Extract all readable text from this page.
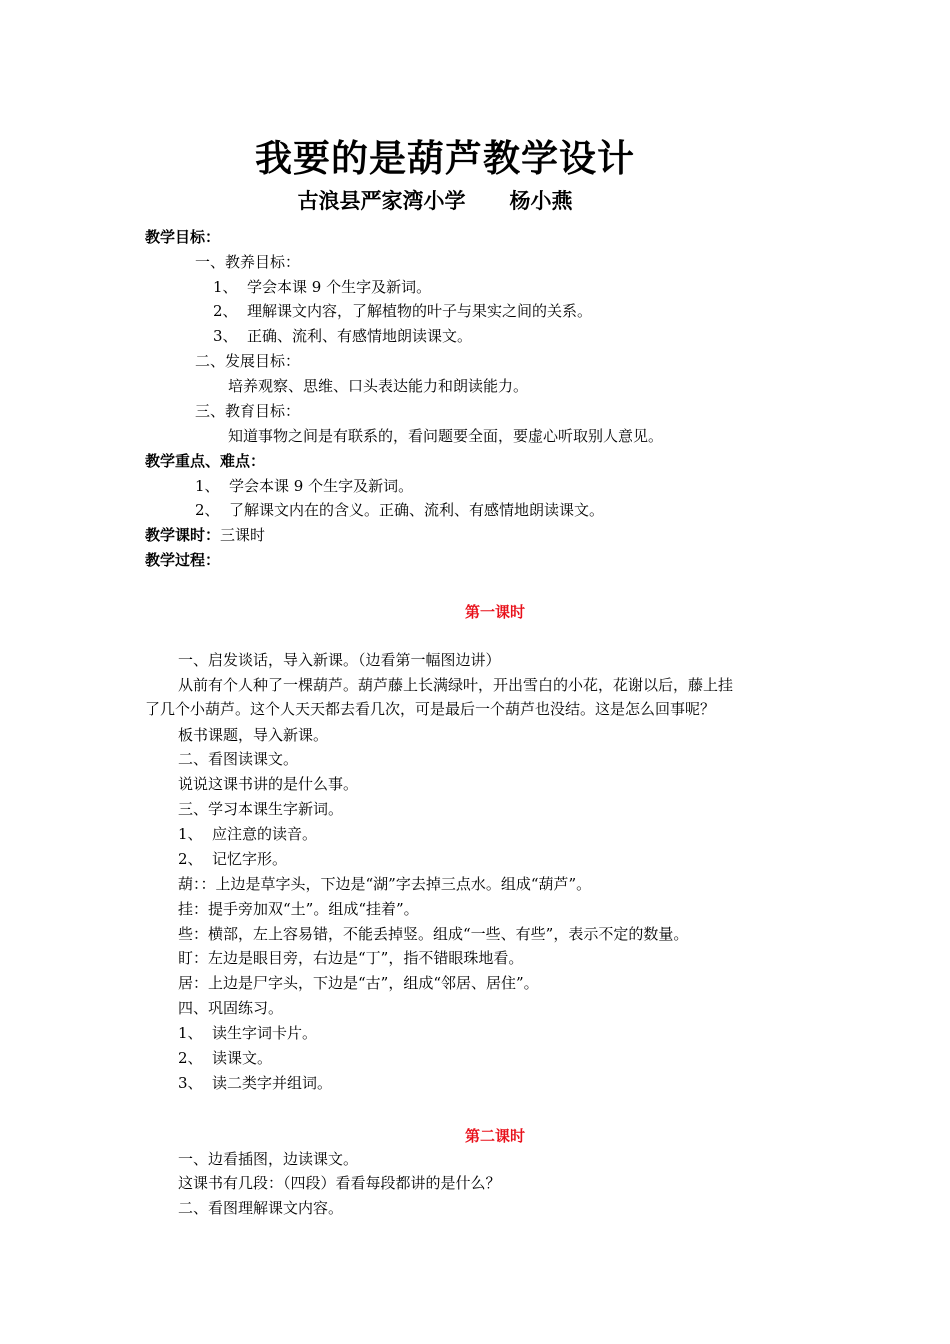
我要的是葫芦教学设计
古浪县严家湾小学 杨小燕
教学目标：
一、教养目标：
1、 学会本课 9 个生字及新词。
2、 理解课文内容，了解植物的叶子与果实之间的关系。
3、 正确、流利、有感情地朗读课文。
二、发展目标：
培养观察、思维、口头表达能力和朗读能力。
三、教育目标：
知道事物之间是有联系的，看问题要全面，要虚心听取别人意见。
教学重点、难点：
1、 学会本课 9 个生字及新词。
2、 了解课文内在的含义。正确、流利、有感情地朗读课文。
教学课时：三课时
教学过程：
第一课时
一、启发谈话，导入新课。（边看第一幅图边讲）
从前有个人种了一棵葫芦。葫芦藤上长满绿叶，开出雪白的小花，花谢以后，藤上挂
了几个小葫芦。这个人天天都去看几次，可是最后一个葫芦也没结。这是怎么回事呢？
板书课题，导入新课。
二、看图读课文。
说说这课书讲的是什么事。
三、学习本课生字新词。
1、 应注意的读音。
2、 记忆字形。
葫：：上边是草字头，下边是“湖”字去掉三点水。组成“葫芦”。
挂：提手旁加双“土”。组成“挂着”。
些：横部，左上容易错，不能丢掉竖。组成“一些、有些”，表示不定的数量。
盯：左边是眼目旁，右边是“丁”，指不错眼珠地看。
居：上边是尸字头，下边是“古”，组成“邻居、居住”。
四、巩固练习。
1、 读生字词卡片。
2、 读课文。
3、 读二类字并组词。
第二课时
一、边看插图，边读课文。
这课书有几段：（四段）看看每段都讲的是什么？
二、看图理解课文内容。
